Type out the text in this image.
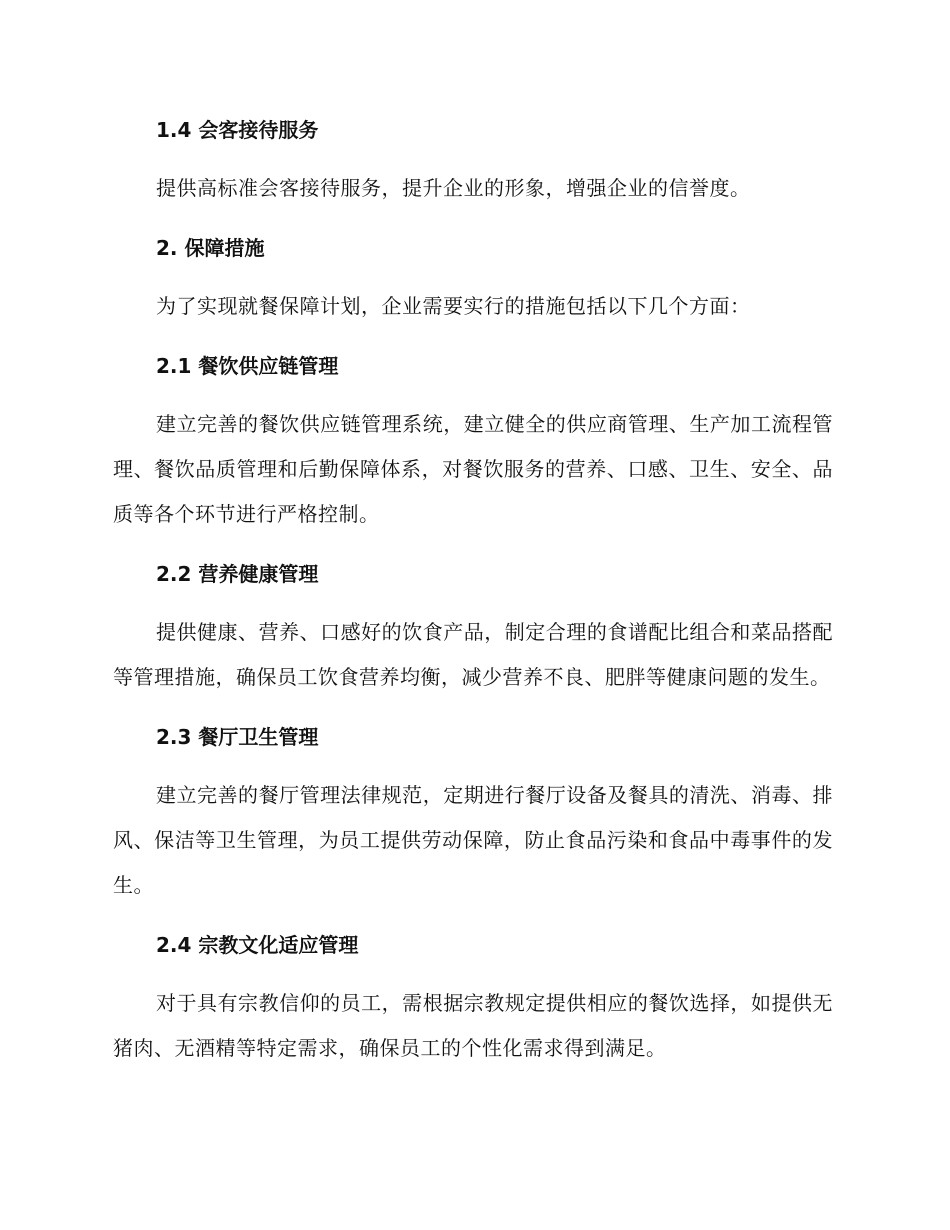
1.4 会客接待服务

提供高标准会客接待服务，提升企业的形象，增强企业的信誉度。

2. 保障措施

为了实现就餐保障计划，企业需要实行的措施包括以下几个方面：

2.1 餐饮供应链管理

建立完善的餐饮供应链管理系统，建立健全的供应商管理、生产加工流程管理、餐饮品质管理和后勤保障体系，对餐饮服务的营养、口感、卫生、安全、品质等各个环节进行严格控制。

2.2 营养健康管理

提供健康、营养、口感好的饮食产品，制定合理的食谱配比组合和菜品搭配等管理措施，确保员工饮食营养均衡，减少营养不良、肥胖等健康问题的发生。

2.3 餐厅卫生管理

建立完善的餐厅管理法律规范，定期进行餐厅设备及餐具的清洗、消毒、排风、保洁等卫生管理，为员工提供劳动保障，防止食品污染和食品中毒事件的发生。

2.4 宗教文化适应管理

对于具有宗教信仰的员工，需根据宗教规定提供相应的餐饮选择，如提供无猪肉、无酒精等特定需求，确保员工的个性化需求得到满足。
